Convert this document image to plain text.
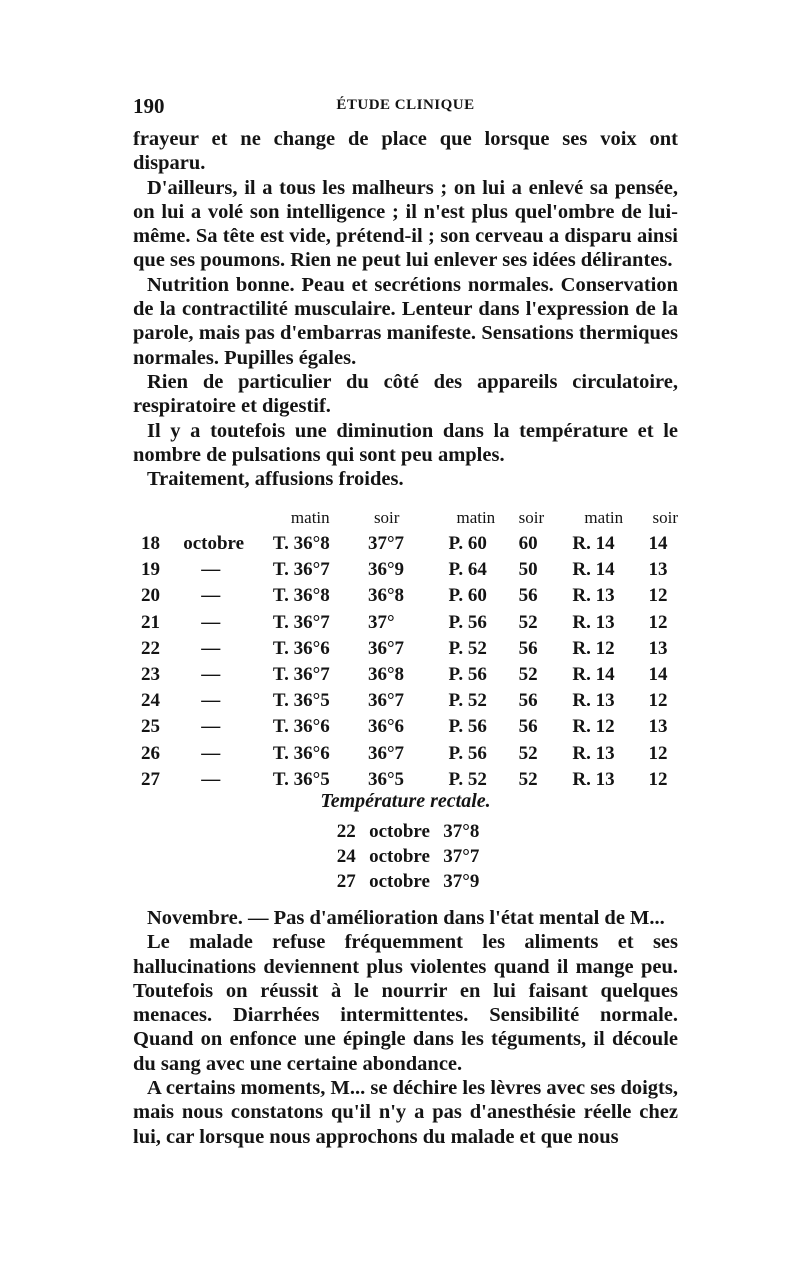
190	ÉTUDE CLINIQUE

frayeur et ne change de place que lorsque ses voix ont disparu.

D'ailleurs, il a tous les malheurs ; on lui a enlevé sa pensée, on lui a volé son intelligence ; il n'est plus quel'ombre de lui-même. Sa tête est vide, prétend-il ; son cerveau a disparu ainsi que ses poumons. Rien ne peut lui enlever ses idées délirantes.

Nutrition bonne. Peau et secrétions normales. Conservation de la contractilité musculaire. Lenteur dans l'expression de la parole, mais pas d'embarras manifeste. Sensations thermiques normales. Pupilles égales.

Rien de particulier du côté des appareils circulatoire, respiratoire et digestif.

Il y a toutefois une diminution dans la température et le nombre de pulsations qui sont peu amples.

Traitement, affusions froides.

		matin	soir	matin	soir	matin	soir
18	octobre	T. 36°8	37°7	P. 60	60	R. 14	14
19	—	T. 36°7	36°9	P. 64	50	R. 14	13
20	—	T. 36°8	36°8	P. 60	56	R. 13	12
21	—	T. 36°7	37°	P. 56	52	R. 13	12
22	—	T. 36°6	36°7	P. 52	56	R. 12	13
23	—	T. 36°7	36°8	P. 56	52	R. 14	14
24	—	T. 36°5	36°7	P. 52	56	R. 13	12
25	—	T. 36°6	36°6	P. 56	56	R. 12	13
26	—	T. 36°6	36°7	P. 56	52	R. 13	12
27	—	T. 36°5	36°5	P. 52	52	R. 13	12
Température rectale.
22 octobre 37°8
24 octobre 37°7
27 octobre 37°9

Novembre. — Pas d'amélioration dans l'état mental de M...

Le malade refuse fréquemment les aliments et ses hallucinations deviennent plus violentes quand il mange peu. Toutefois on réussit à le nourrir en lui faisant quelques menaces. Diarrhées intermittentes. Sensibilité normale. Quand on enfonce une épingle dans les téguments, il découle du sang avec une certaine abondance.

A certains moments, M... se déchire les lèvres avec ses doigts, mais nous constatons qu'il n'y a pas d'anesthésie réelle chez lui, car lorsque nous approchons du malade et que nous
